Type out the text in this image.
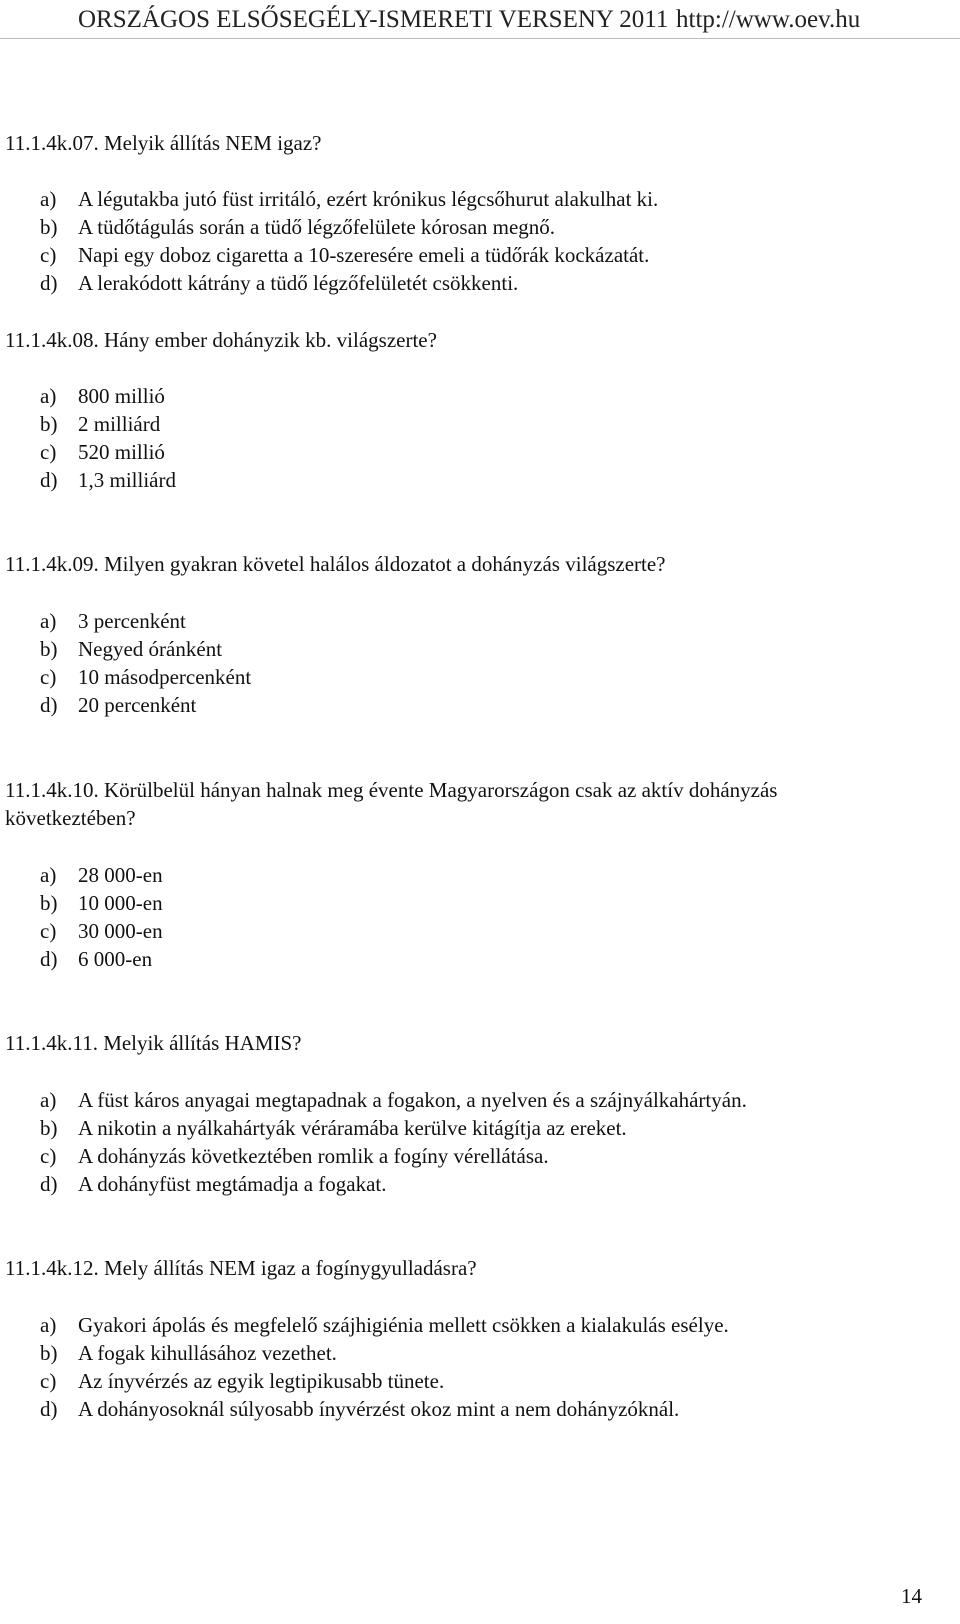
ORSZÁGOS ELSŐSEGÉLY-ISMERETI VERSENY 2011 http://www.oev.hu
11.1.4k.07. Melyik állítás NEM igaz?
a) A légutakba jutó füst irritáló, ezért krónikus légcsőhurut alakulhat ki.
b) A tüdőtágulás során a tüdő légzőfelülete kórosan megnő.
c) Napi egy doboz cigaretta a 10-szeresére emeli a tüdőrák kockázatát.
d) A lerakódott kátrány a tüdő légzőfelületét csökkenti.
11.1.4k.08. Hány ember dohányzik kb. világszerte?
a) 800 millió
b) 2 milliárd
c) 520 millió
d) 1,3 milliárd
11.1.4k.09. Milyen gyakran követel halálos áldozatot a dohányzás világszerte?
a) 3 percenként
b) Negyed óránként
c) 10 másodpercenként
d) 20 percenként
11.1.4k.10. Körülbelül hányan halnak meg évente Magyarországon csak az aktív dohányzás
következtében?
a) 28 000-en
b) 10 000-en
c) 30 000-en
d) 6 000-en
11.1.4k.11. Melyik állítás HAMIS?
a) A füst káros anyagai megtapadnak a fogakon, a nyelven és a szájnyálkahártyán.
b) A nikotin a nyálkahártyák véráramába kerülve kitágítja az ereket.
c) A dohányzás következtében romlik a fogíny vérellátása.
d) A dohányfüst megtámadja a fogakat.
11.1.4k.12. Mely állítás NEM igaz a fogínygyulladásra?
a) Gyakori ápolás és megfelelő szájhigiénia mellett csökken a kialakulás esélye.
b) A fogak kihullásához vezethet.
c) Az ínyvérzés az egyik legtipikusabb tünete.
d) A dohányosoknál súlyosabb ínyvérzést okoz mint a nem dohányzóknál.
14
